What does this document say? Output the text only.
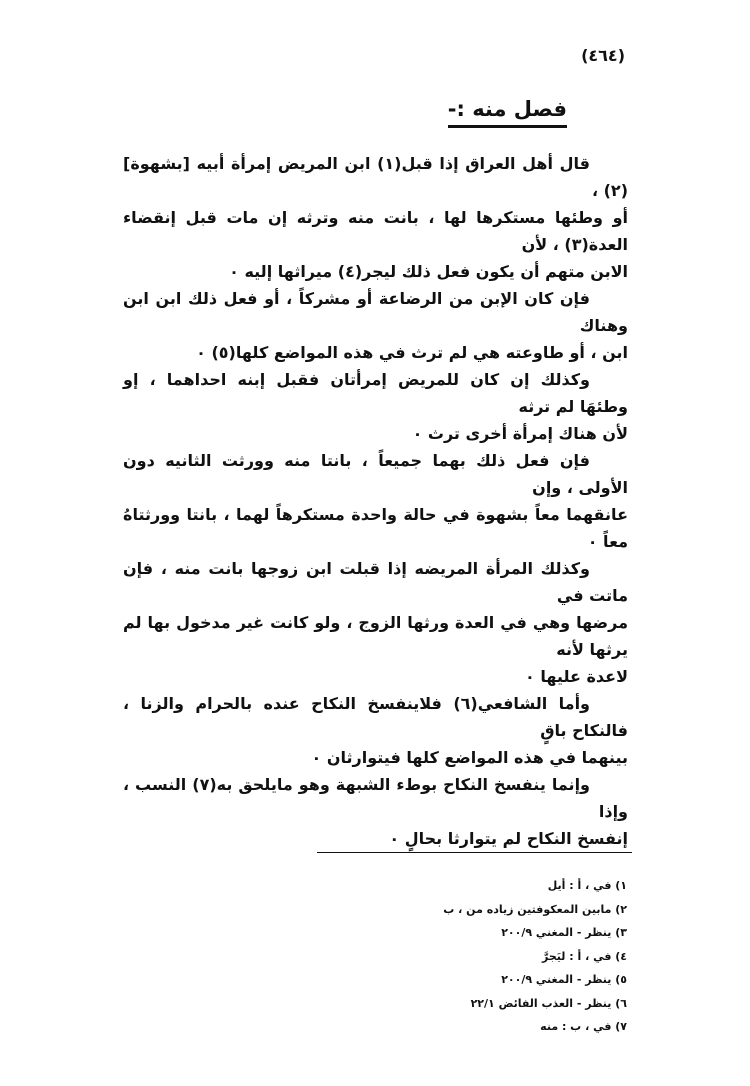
(٤٦٤)
فصل منه :-

قال أهل العراق إذا قبل(١) ابن المريض إمرأة أبيه [بشهوة](٢) ،

أو وطئها مستكرها لها ، بانت منه وترثه إن مات قبل إنقضاء العدة(٣) ، لأن

الابن متهم أن يكون فعل ذلك ليجر(٤) ميراثها إليه ٠

فإن كان الإبن من الرضاعة أو مشركاً ، أو فعل ذلك ابن ابن وهناك

ابن ، أو طاوعته هي لم ترث في هذه المواضع كلها(٥) ٠

وكذلك إن كان للمريض إمرأتان فقبل إبنه احداهما ، إو وطئهَا لم ترثه

لأن هناك إمرأة أخرى ترث ٠

فإن فعل ذلك بهما جميعاً ، بانتا منه وورثت الثانيه دون الأولى ، وإن

عانقهما معاً بشهوة في حالة واحدة مستكرهاً لهما ، بانتا وورثتاهُ معاً ٠

وكذلك المرأة المريضه إذا قبلت ابن زوجها بانت منه ، فإن ماتت في

مرضها وهي في العدة ورثها الزوج ، ولو كانت غير مدخول بها لم يرثها لأنه

لاعدة عليها ٠

وأما الشافعي(٦) فلاينفسخ النكاح عنده بالحرام والزنا ، فالنكاح باقٍ

بينهما في هذه المواضع كلها فيتوارثان ٠

وإنما ينفسخ النكاح بوطء الشبهة وهو مايلحق به(٧) النسب ، وإذا

إنفسخ النكاح لم يتوارثا بحالٍ ٠

١) في ، أ : أيل
٢) مابين المعكوفتين زياده من ، ب
٣) ينظر - المغني ٢٠٠/٩
٤) في ، أ : ليَجرَّ
٥) ينظر - المغني ٢٠٠/٩
٦) ينظر - العذب الفائض ٢٢/١
٧) في ، ب : منه
